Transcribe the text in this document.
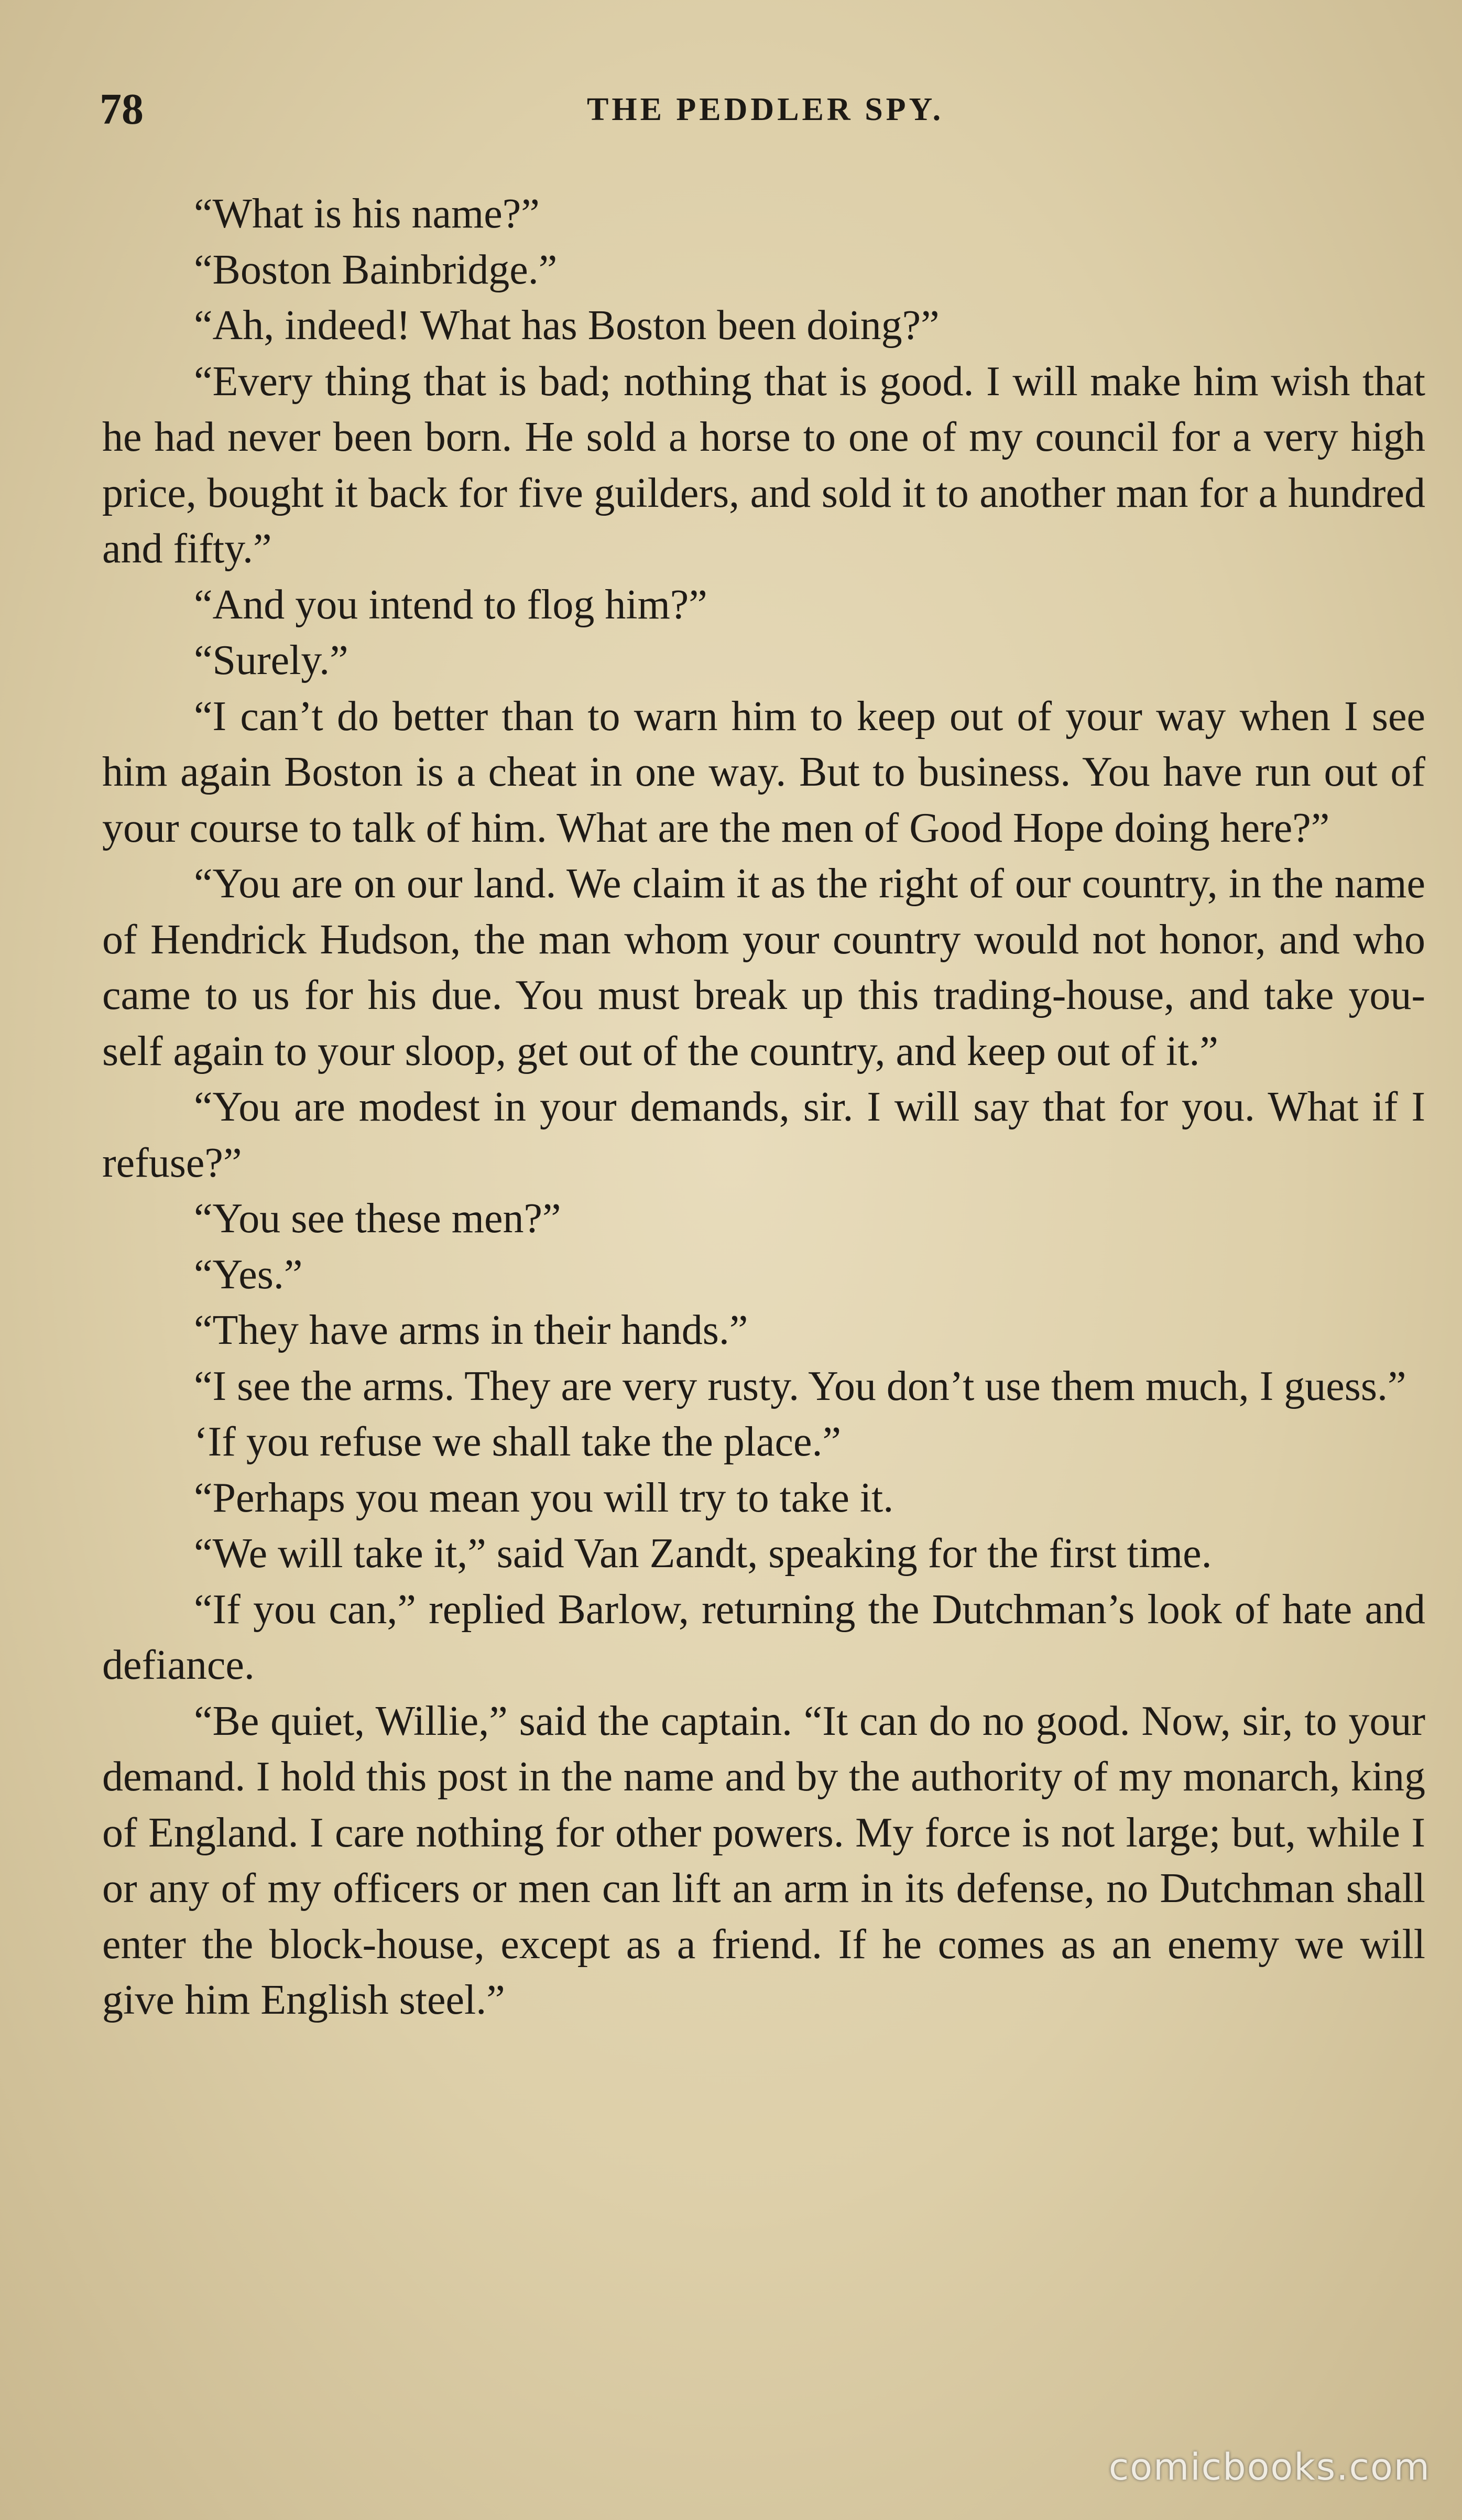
78	THE PEDDLER SPY.

“What is his name?”

“Boston Bainbridge.”

“Ah, indeed! What has Boston been doing?”

“Every thing that is bad; nothing that is good. I will make him wish that he had never been born. He sold a horse to one of my council for a very high price, bought it back for five guilders, and sold it to another man for a hundred and fifty.”

“And you intend to flog him?”

“Surely.”

“I can’t do better than to warn him to keep out of your way when I see him again Boston is a cheat in one way. But to business. You have run out of your course to talk of him. What are the men of Good Hope doing here?”

“You are on our land. We claim it as the right of our country, in the name of Hendrick Hudson, the man whom your country would not honor, and who came to us for his due. You must break up this trading-house, and take you-self again to your sloop, get out of the country, and keep out of it.”

“You are modest in your demands, sir. I will say that for you. What if I refuse?”

“You see these men?”

“Yes.”

“They have arms in their hands.”

“I see the arms. They are very rusty. You don’t use them much, I guess.”

‘If you refuse we shall take the place.”

“Perhaps you mean you will try to take it.

“We will take it,” said Van Zandt, speaking for the first time.

“If you can,” replied Barlow, returning the Dutchman’s look of hate and defiance.

“Be quiet, Willie,” said the captain. “It can do no good. Now, sir, to your demand. I hold this post in the name and by the authority of my monarch, king of England. I care nothing for other powers. My force is not large; but, while I or any of my officers or men can lift an arm in its defense, no Dutchman shall enter the block-house, except as a friend. If he comes as an enemy we will give him English steel.”

comicbooks.com
